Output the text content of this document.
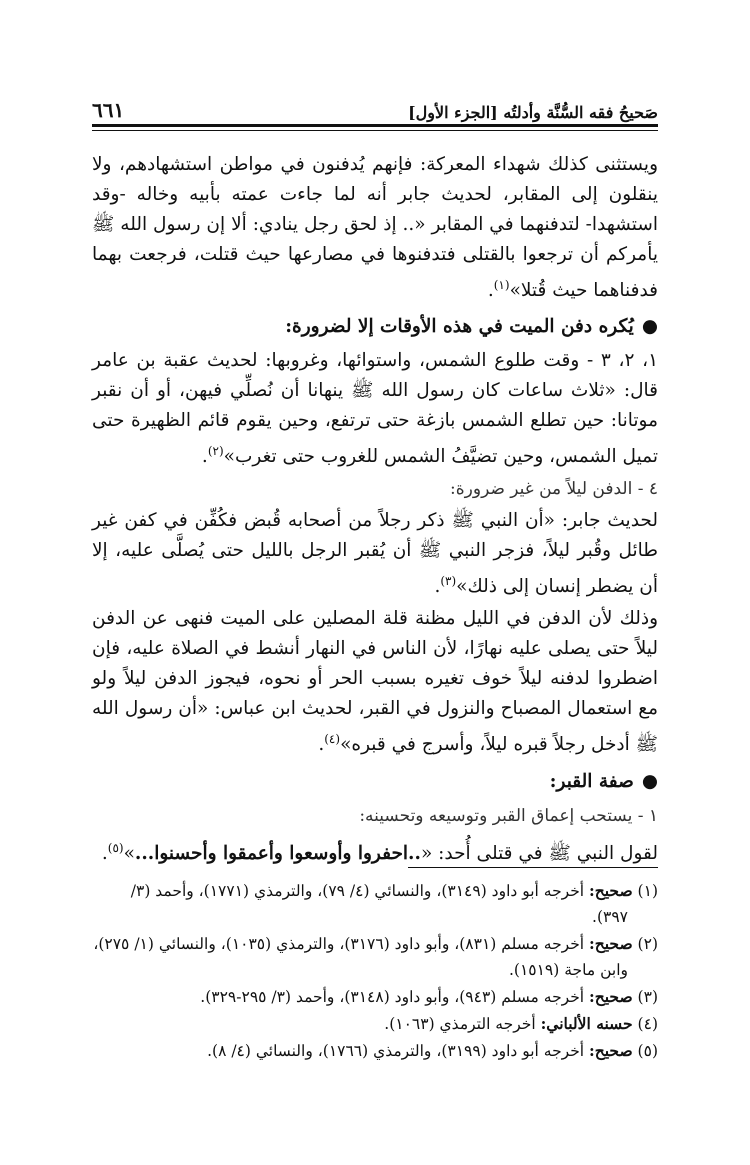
صَحيحُ فقه السُّنَّة وأدلتُه [الجزء الأول]
٦٦١

ويستثنى كذلك شهداء المعركة: فإنهم يُدفنون في مواطن استشهادهم، ولا ينقلون إلى المقابر، لحديث جابر أنه لما جاءت عمته بأبيه وخاله -وقد استشهدا- لتدفنهما في المقابر «.. إذ لحق رجل ينادي: ألا إن رسول الله ﷺ يأمركم أن ترجعوا بالقتلى فتدفنوها في مصارعها حيث قتلت، فرجعت بهما فدفناهما حيث قُتلا»$^{(١)}$.

●يُكره دفن الميت في هذه الأوقات إلا لضرورة:

١، ٢، ٣ - وقت طلوع الشمس، واستوائها، وغروبها: لحديث عقبة بن عامر قال: «ثلاث ساعات كان رسول الله ﷺ ينهانا أن نُصلِّي فيهن، أو أن نقبر موتانا: حين تطلع الشمس بازغة حتى ترتفع، وحين يقوم قائم الظهيرة حتى تميل الشمس، وحين تضيَّفُ الشمس للغروب حتى تغرب»$^{(٢)}$.

٤ - الدفن ليلاً من غير ضرورة:

لحديث جابر: «أن النبي ﷺ ذكر رجلاً من أصحابه قُبض فكُفِّن في كفن غير طائل وقُبر ليلاً، فزجر النبي ﷺ أن يُقبر الرجل بالليل حتى يُصلَّى عليه، إلا أن يضطر إنسان إلى ذلك»$^{(٣)}$.

وذلك لأن الدفن في الليل مظنة قلة المصلين على الميت فنهى عن الدفن ليلاً حتى يصلى عليه نهارًا، لأن الناس في النهار أنشط في الصلاة عليه، فإن اضطروا لدفنه ليلاً خوف تغيره بسبب الحر أو نحوه، فيجوز الدفن ليلاً ولو مع استعمال المصباح والنزول في القبر، لحديث ابن عباس: «أن رسول الله ﷺ أدخل رجلاً قبره ليلاً، وأسرج في قبره»$^{(٤)}$.

●صفة القبر:

١ - يستحب إعماق القبر وتوسيعه وتحسينه:

لقول النبي ﷺ في قتلى أُحد: «..احفروا وأوسعوا وأعمقوا وأحسنوا...»$^{(٥)}$.

(١) صحيح: أخرجه أبو داود (٣١٤٩)، والنسائي (٤/ ٧٩)، والترمذي (١٧٧١)، وأحمد (٣/ ٣٩٧).

(٢) صحيح: أخرجه مسلم (٨٣١)، وأبو داود (٣١٧٦)، والترمذي (١٠٣٥)، والنسائي (١/ ٢٧٥)، وابن ماجة (١٥١٩).

(٣) صحيح: أخرجه مسلم (٩٤٣)، وأبو داود (٣١٤٨)، وأحمد (٣/ ٢٩٥-٣٢٩).

(٤) حسنه الألباني: أخرجه الترمذي (١٠٦٣).

(٥) صحيح: أخرجه أبو داود (٣١٩٩)، والترمذي (١٧٦٦)، والنسائي (٤/ ٨).
